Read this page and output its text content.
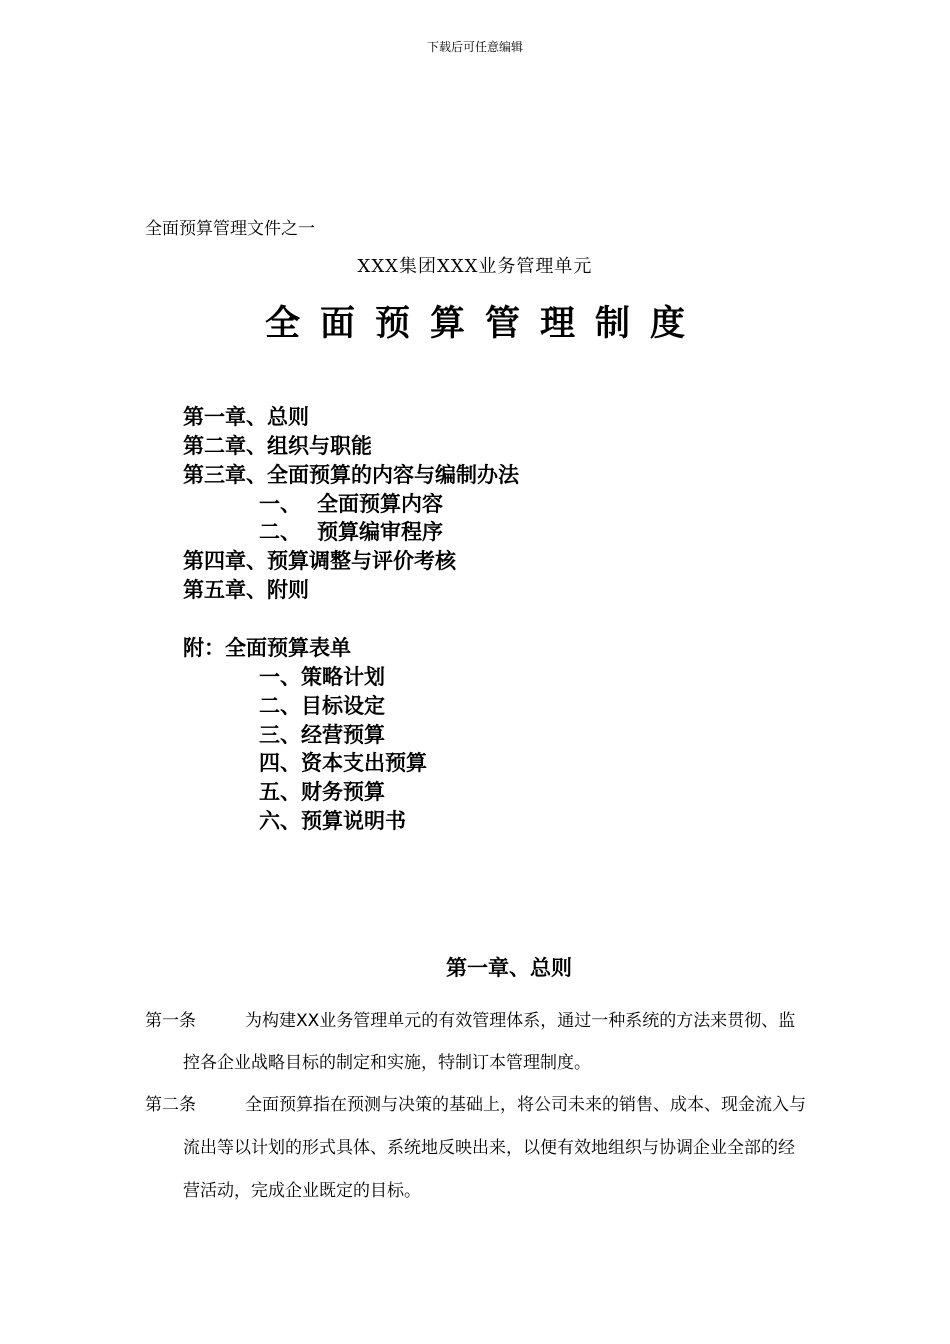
下载后可任意编辑
全面预算管理文件之一
XXX集团XXX业务管理单元
全面预算管理制度
第一章、总则
第二章、组织与职能
第三章、全面预算的内容与编制办法
一、 全面预算内容
二、 预算编审程序
第四章、预算调整与评价考核
第五章、附则
附：全面预算表单
一、策略计划
二、目标设定
三、经营预算
四、资本支出预算
五、财务预算
六、预算说明书
第一章、总则
第一条	为构建XX业务管理单元的有效管理体系，通过一种系统的方法来贯彻、监
控各企业战略目标的制定和实施，特制订本管理制度。
第二条	全面预算指在预测与决策的基础上，将公司未来的销售、成本、现金流入与
流出等以计划的形式具体、系统地反映出来，以便有效地组织与协调企业全部的经
营活动，完成企业既定的目标。
